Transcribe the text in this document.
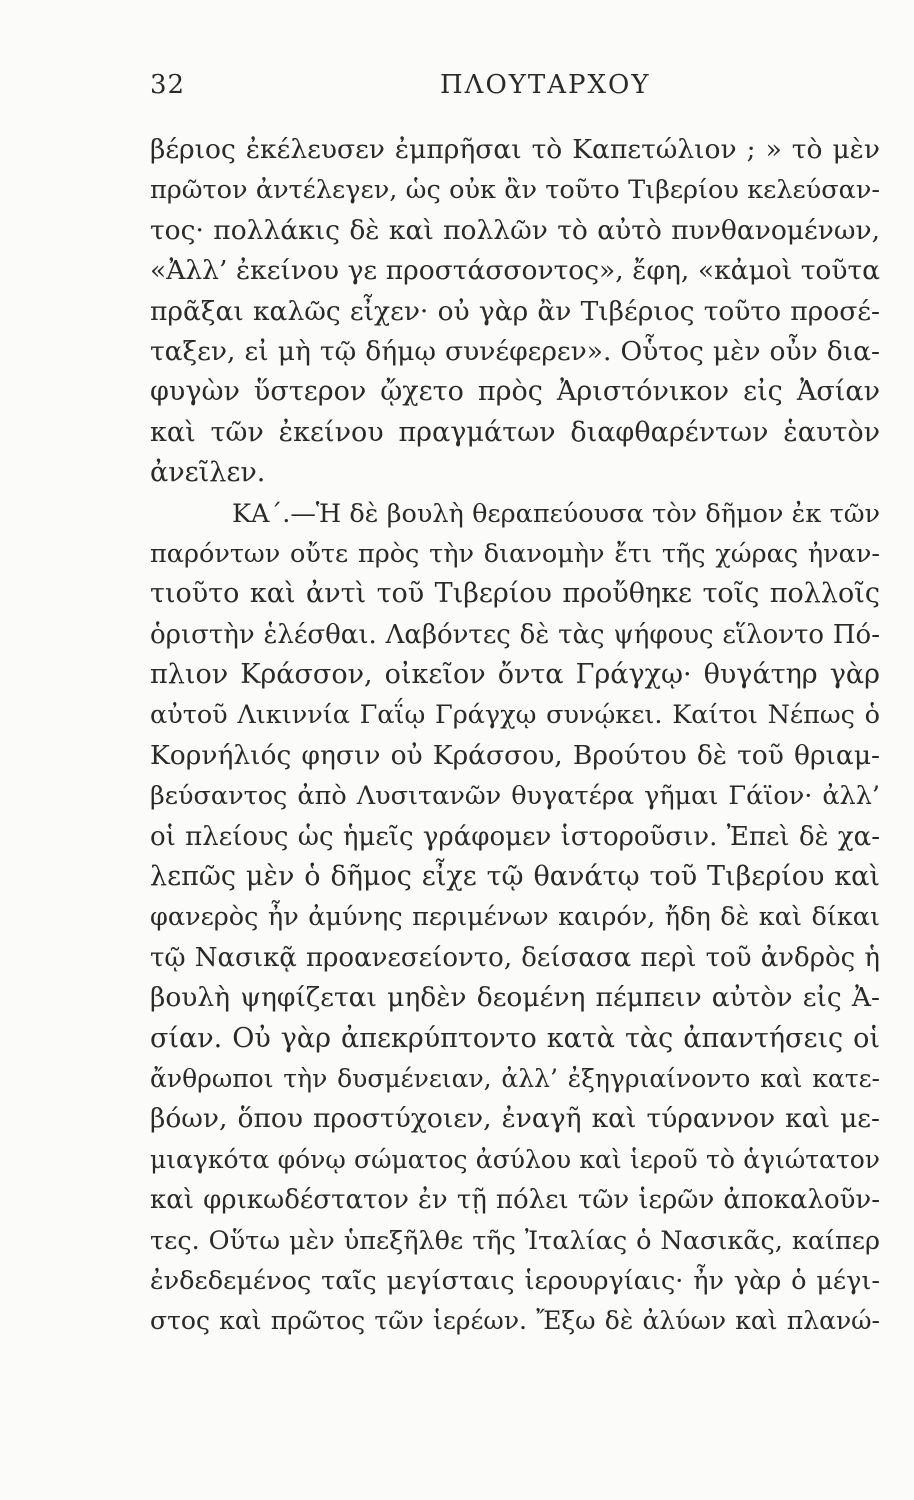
32	ΠΛΟΥΤΑΡΧΟΥ
βέριος ἐκέλευσεν ἐμπρῆσαι τὸ Καπετώλιον ; » τὸ μὲν
πρῶτον ἀντέλεγεν, ὡς οὐκ ἂν τοῦτο Τιβερίου κελεύσαν-
τος· πολλάκις δὲ καὶ πολλῶν τὸ αὐτὸ πυνθανομένων,
«Ἀλλ’ ἐκείνου γε προστάσσοντος», ἔφη, «κἀμοὶ τοῦτα
πρᾶξαι καλῶς εἶχεν· οὐ γὰρ ἂν Τιβέριος τοῦτο προσέ-
ταξεν, εἰ μὴ τῷ δήμῳ συνέφερεν». Οὗτος μὲν οὖν δια-
φυγὼν ὕστερον ᾤχετο πρὸς Ἀριστόνικον εἰς Ἀσίαν
καὶ τῶν ἐκείνου πραγμάτων διαφθαρέντων ἑαυτὸν
ἀνεῖλεν.
ΚΑ΄.—Ἡ δὲ βουλὴ θεραπεύουσα τὸν δῆμον ἐκ τῶν
παρόντων οὔτε πρὸς τὴν διανομὴν ἔτι τῆς χώρας ἠναν-
τιοῦτο καὶ ἀντὶ τοῦ Τιβερίου προὔθηκε τοῖς πολλοῖς
ὁριστὴν ἑλέσθαι. Λαβόντες δὲ τὰς ψήφους εἵλοντο Πό-
πλιον Κράσσον, οἰκεῖον ὄντα Γράγχῳ· θυγάτηρ γὰρ
αὐτοῦ Λικιννία Γαΐῳ Γράγχῳ συνῴκει. Καίτοι Νέπως ὁ
Κορνήλιός φησιν οὐ Κράσσου, Βρούτου δὲ τοῦ θριαμ-
βεύσαντος ἀπὸ Λυσιτανῶν θυγατέρα γῆμαι Γάϊον· ἀλλ’
οἱ πλείους ὡς ἡμεῖς γράφομεν ἱστοροῦσιν. Ἐπεὶ δὲ χα-
λεπῶς μὲν ὁ δῆμος εἶχε τῷ θανάτῳ τοῦ Τιβερίου καὶ
φανερὸς ἦν ἀμύνης περιμένων καιρόν, ἤδη δὲ καὶ δίκαι
τῷ Νασικᾷ προανεσείοντο, δείσασα περὶ τοῦ ἀνδρὸς ἡ
βουλὴ ψηφίζεται μηδὲν δεομένη πέμπειν αὐτὸν εἰς Ἀ-
σίαν. Οὐ γὰρ ἀπεκρύπτοντο κατὰ τὰς ἀπαντήσεις οἱ
ἄνθρωποι τὴν δυσμένειαν, ἀλλ’ ἐξηγριαίνοντο καὶ κατε-
βόων, ὅπου προστύχοιεν, ἐναγῆ καὶ τύραννον καὶ με-
μιαγκότα φόνῳ σώματος ἀσύλου καὶ ἱεροῦ τὸ ἁγιώτατον
καὶ φρικωδέστατον ἐν τῇ πόλει τῶν ἱερῶν ἀποκαλοῦν-
τες. Οὕτω μὲν ὑπεξῆλθε τῆς Ἰταλίας ὁ Νασικᾶς, καίπερ
ἐνδεδεμένος ταῖς μεγίσταις ἱερουργίαις· ἦν γὰρ ὁ μέγι-
στος καὶ πρῶτος τῶν ἱερέων. Ἔξω δὲ ἀλύων καὶ πλανώ-
